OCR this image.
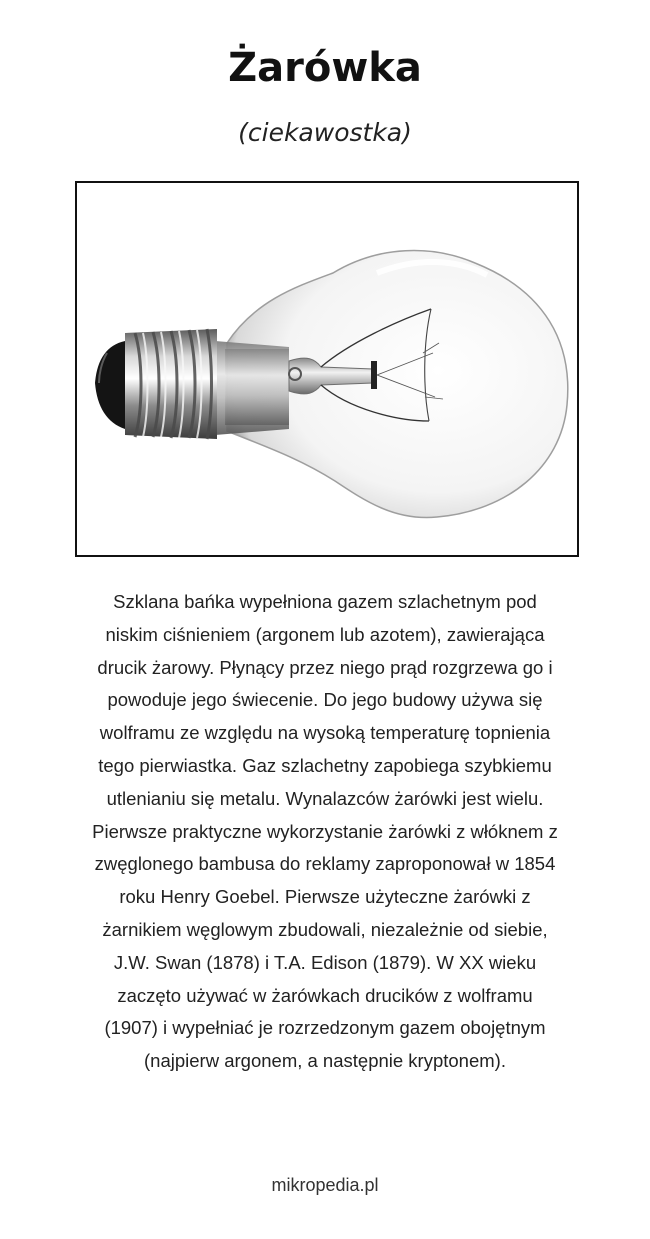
Żarówka
(ciekawostka)
Szklana bańka wypełniona gazem szlachetnym pod niskim ciśnieniem (argonem lub azotem), zawierająca drucik żarowy. Płynący przez niego prąd rozgrzewa go i powoduje jego świecenie. Do jego budowy używa się wolframu ze względu na wysoką temperaturę topnienia tego pierwiastka. Gaz szlachetny zapobiega szybkiemu utlenianiu się metalu. Wynalazców żarówki jest wielu. Pierwsze praktyczne wykorzystanie żarówki z włóknem z zwęglonego bambusa do reklamy zaproponował w 1854 roku Henry Goebel. Pierwsze użyteczne żarówki z żarnikiem węglowym zbudowali, niezależnie od siebie, J.W. Swan (1878) i T.A. Edison (1879). W XX wieku zaczęto używać w żarówkach drucików z wolframu (1907) i wypełniać je rozrzedzonym gazem obojętnym (najpierw argonem, a następnie kryptonem).
mikropedia.pl
